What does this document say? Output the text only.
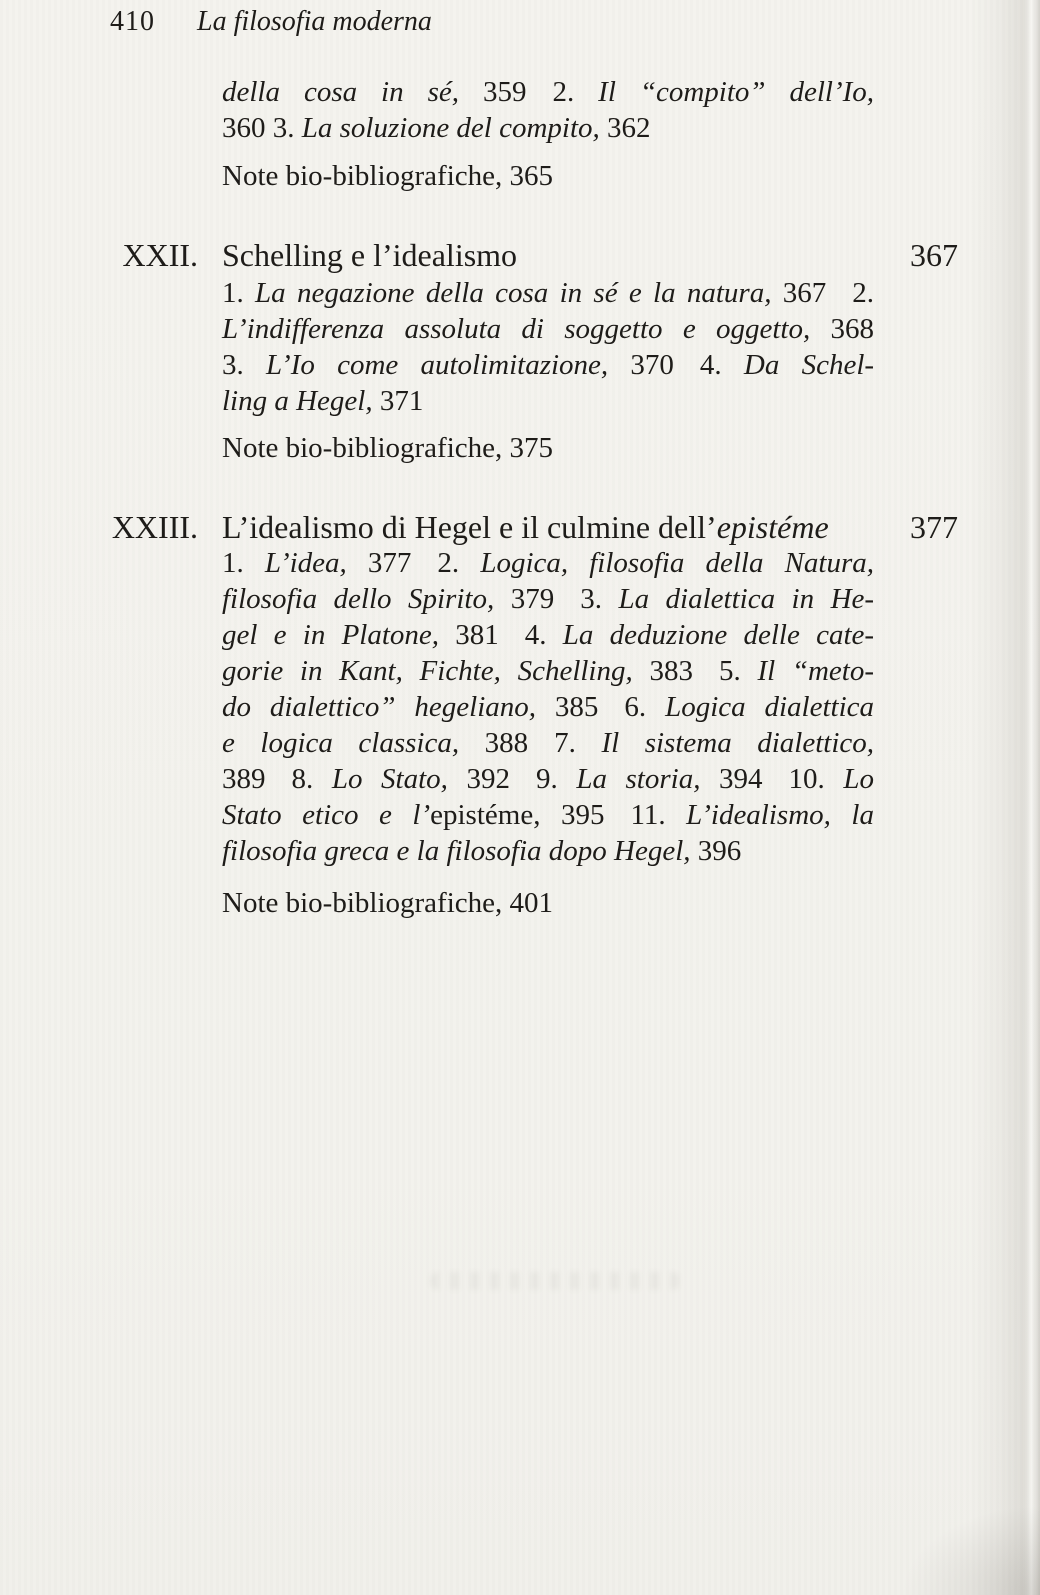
410 La filosofia moderna
della cosa in sé, 359 2. Il “compito” dell’Io,
360 3. La soluzione del compito, 362
Note bio-bibliografiche, 365
XXII. Schelling e l’idealismo	367
1. La negazione della cosa in sé e la natura, 367 2.
L’indifferenza assoluta di soggetto e oggetto, 368
3. L’Io come autolimitazione, 370 4. Da Schel-
ling a Hegel, 371
Note bio-bibliografiche, 375
XXIII. L’idealismo di Hegel e il culmine dell’epistéme	377
1. L’idea, 377 2. Logica, filosofia della Natura,
filosofia dello Spirito, 379 3. La dialettica in He-
gel e in Platone, 381 4. La deduzione delle cate-
gorie in Kant, Fichte, Schelling, 383 5. Il “meto-
do dialettico” hegeliano, 385 6. Logica dialettica
e logica classica, 388 7. Il sistema dialettico,
389 8. Lo Stato, 392 9. La storia, 394 10. Lo
Stato etico e l’epistéme, 395 11. L’idealismo, la
filosofia greca e la filosofia dopo Hegel, 396
Note bio-bibliografiche, 401
